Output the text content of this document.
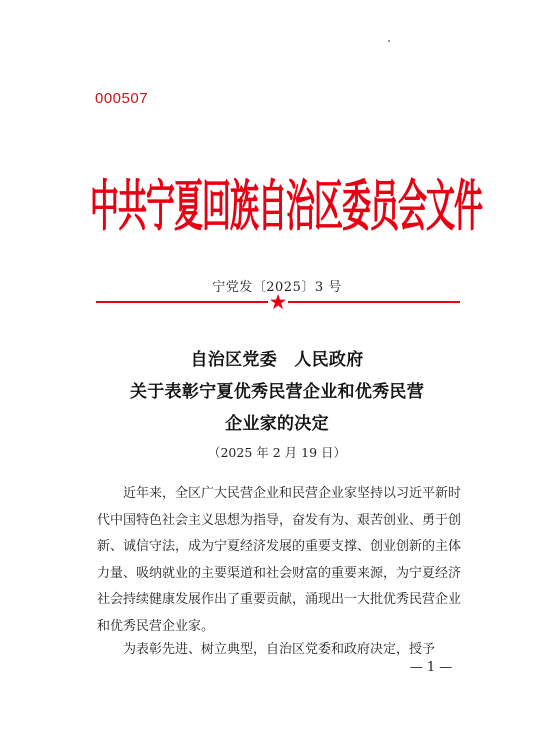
000507
中共宁夏回族自治区委员会文件
宁党发〔2025〕3 号
★
自治区党委　人民政府
关于表彰宁夏优秀民营企业和优秀民营
企业家的决定
（2025 年 2 月 19 日）
近年来，全区广大民营企业和民营企业家坚持以习近平新时代中国特色社会主义思想为指导，奋发有为、艰苦创业、勇于创新、诚信守法，成为宁夏经济发展的重要支撑、创业创新的主体力量、吸纳就业的主要渠道和社会财富的重要来源，为宁夏经济社会持续健康发展作出了重要贡献，涌现出一大批优秀民营企业和优秀民营企业家。
为表彰先进、树立典型，自治区党委和政府决定，授予
— 1 —
